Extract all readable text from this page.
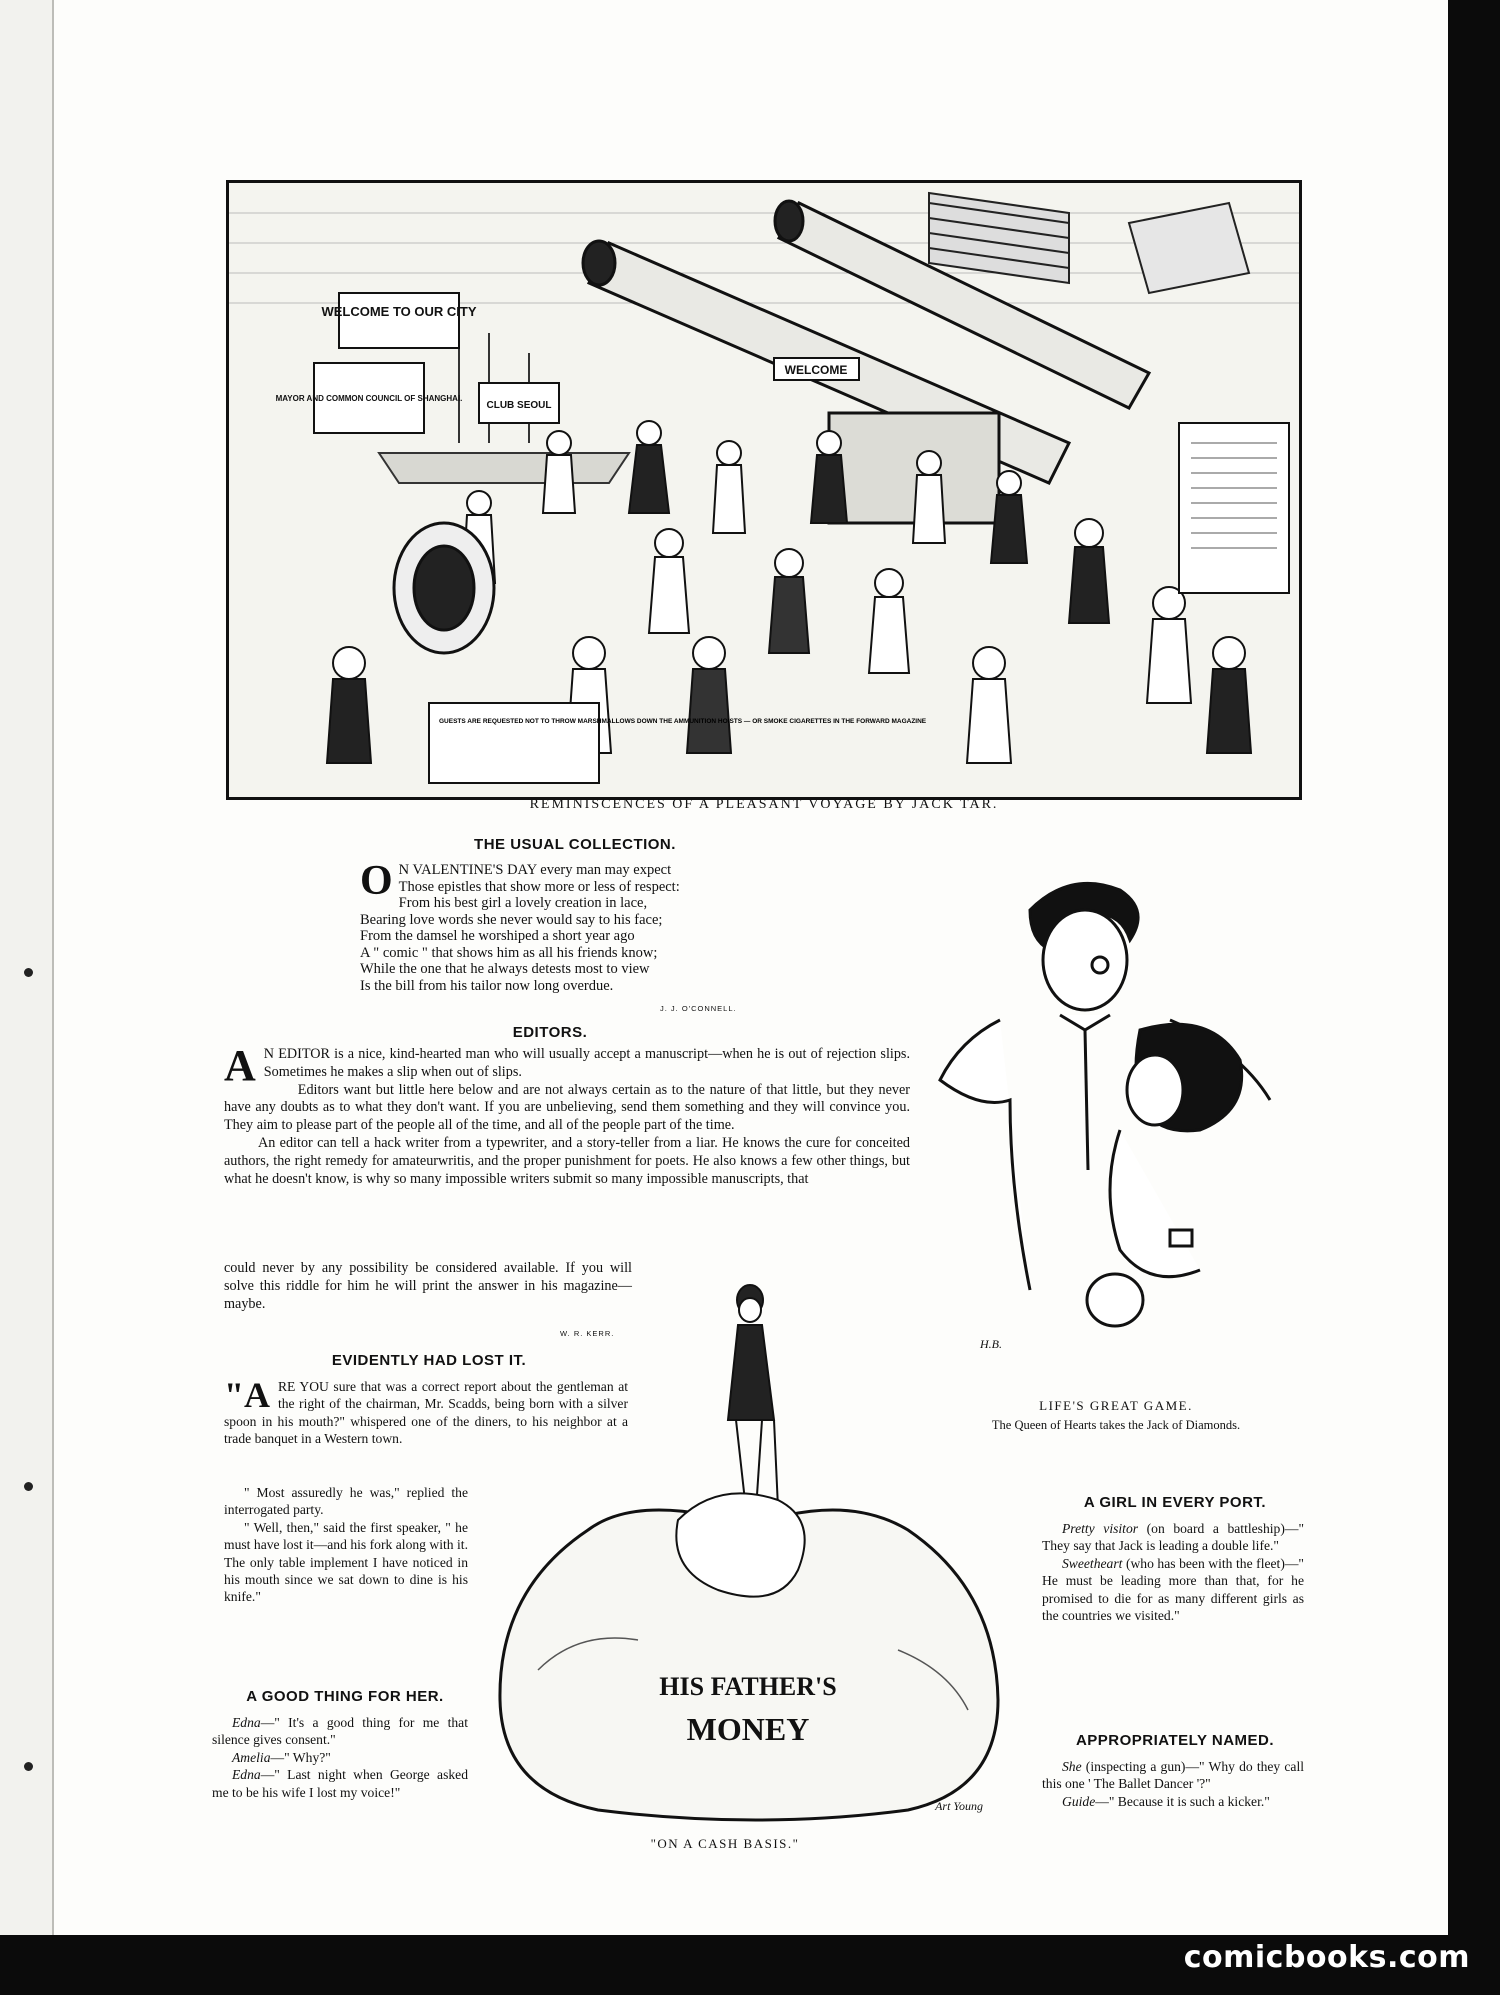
WELCOME TO OUR CITY
MAYOR AND COMMON COUNCIL OF SHANGHAI.
WELCOME
CLUB SEOUL
GUESTS ARE REQUESTED NOT TO THROW MARSHMALLOWS DOWN THE AMMUNITION HOISTS — OR SMOKE CIGARETTES IN THE FORWARD MAGAZINE
REMINISCENCES OF A PLEASANT VOYAGE BY JACK TAR.
THE USUAL COLLECTION.
O N VALENTINE'S DAY every man may expect
Those epistles that show more or less of respect:
From his best girl a lovely creation in lace,
Bearing love words she never would say to his face;
From the damsel he worshiped a short year ago
A " comic " that shows him as all his friends know;
While the one that he always detests most to view
Is the bill from his tailor now long overdue.
J. J. O'CONNELL.
EDITORS.

A N EDITOR is a nice, kind-hearted man who will usually accept a manuscript—when he is out of rejection slips. Sometimes he makes a slip when out of slips.

Editors want but little here below and are not always certain as to the nature of that little, but they never have any doubts as to what they don't want. If you are unbelieving, send them something and they will convince you. They aim to please part of the people all of the time, and all of the people part of the time.

An editor can tell a hack writer from a typewriter, and a story-teller from a liar. He knows the cure for conceited authors, the right remedy for amateurwritis, and the proper punishment for poets. He also knows a few other things, but what he doesn't know, is why so many impossible writers submit so many impossible manuscripts, that

could never by any possibility be considered available. If you will solve this riddle for him he will print the answer in his magazine—maybe.

W. R. KERR.
EVIDENTLY HAD LOST IT.

"ARE YOU sure that was a correct report about the gentleman at the right of the chairman, Mr. Scadds, being born with a silver spoon in his mouth?" whispered one of the diners, to his neighbor at a trade banquet in a Western town.

" Most assuredly he was," replied the interrogated party.

" Well, then," said the first speaker, " he must have lost it—and his fork along with it. The only table implement I have noticed in his mouth since we sat down to dine is his knife."

A GOOD THING FOR HER.

Edna—" It's a good thing for me that silence gives consent."

Amelia—" Why?"

Edna—" Last night when George asked me to be his wife I lost my voice!"

HIS FATHER'S
MONEY
Art Young
"ON A CASH BASIS."
H.B.
LIFE'S GREAT GAME.
The Queen of Hearts takes the Jack of Diamonds.
A GIRL IN EVERY PORT.

Pretty visitor (on board a battleship)—" They say that Jack is leading a double life."

Sweetheart (who has been with the fleet)—" He must be leading more than that, for he promised to die for as many different girls as the countries we visited."

APPROPRIATELY NAMED.

She (inspecting a gun)—" Why do they call this one ' The Ballet Dancer '?"

Guide—" Because it is such a kicker."

comicbooks.com
